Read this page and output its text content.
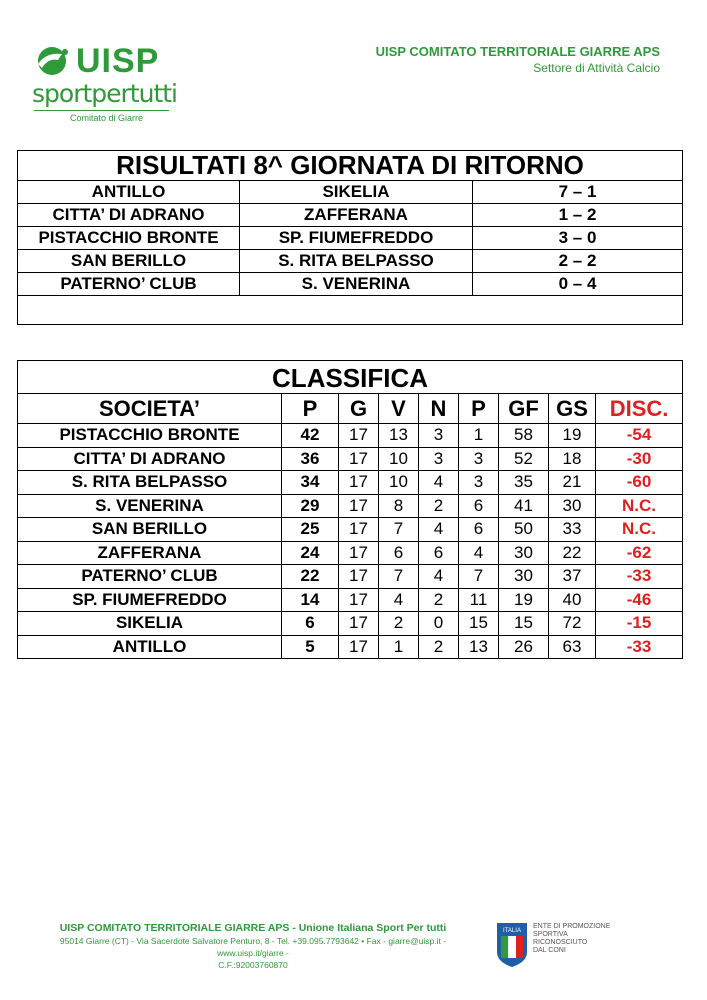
UISP
sportpertutti
Comitato di Giarre
UISP COMITATO TERRITORIALE GIARRE APS
Settore di Attività Calcio
RISULTATI 8^ GIORNATA DI RITORNO		
ANTILLO	SIKELIA	7 – 1
CITTA’ DI ADRANO	ZAFFERANA	1 – 2
PISTACCHIO BRONTE	SP. FIUMEFREDDO	3 – 0
SAN BERILLO	S. RITA BELPASSO	2 – 2
PATERNO’ CLUB	S. VENERINA	0 – 4

CLASSIFICA								
SOCIETA’	P	G	V	N	P	GF	GS	DISC.
PISTACCHIO BRONTE	42	17	13	3	1	58	19	-54
CITTA’ DI ADRANO	36	17	10	3	3	52	18	-30
S. RITA BELPASSO	34	17	10	4	3	35	21	-60
S. VENERINA	29	17	8	2	6	41	30	N.C.
SAN BERILLO	25	17	7	4	6	50	33	N.C.
ZAFFERANA	24	17	6	6	4	30	22	-62
PATERNO’ CLUB	22	17	7	4	7	30	37	-33
SP. FIUMEFREDDO	14	17	4	2	11	19	40	-46
SIKELIA	6	17	2	0	15	15	72	-15
ANTILLO	5	17	1	2	13	26	63	-33
UISP COMITATO TERRITORIALE GIARRE APS - Unione Italiana Sport Per tutti
95014 Giarre (CT) - Via Sacerdote Salvatore Penturo, 8 - Tel. +39.095.7793642 • Fax - giarre@uisp.it - www.uisp.it/giarre -
C.F.:92003760870
ITALIA
ENTE DI PROMOZIONE
SPORTIVA
RICONOSCIUTO
DAL CONI
